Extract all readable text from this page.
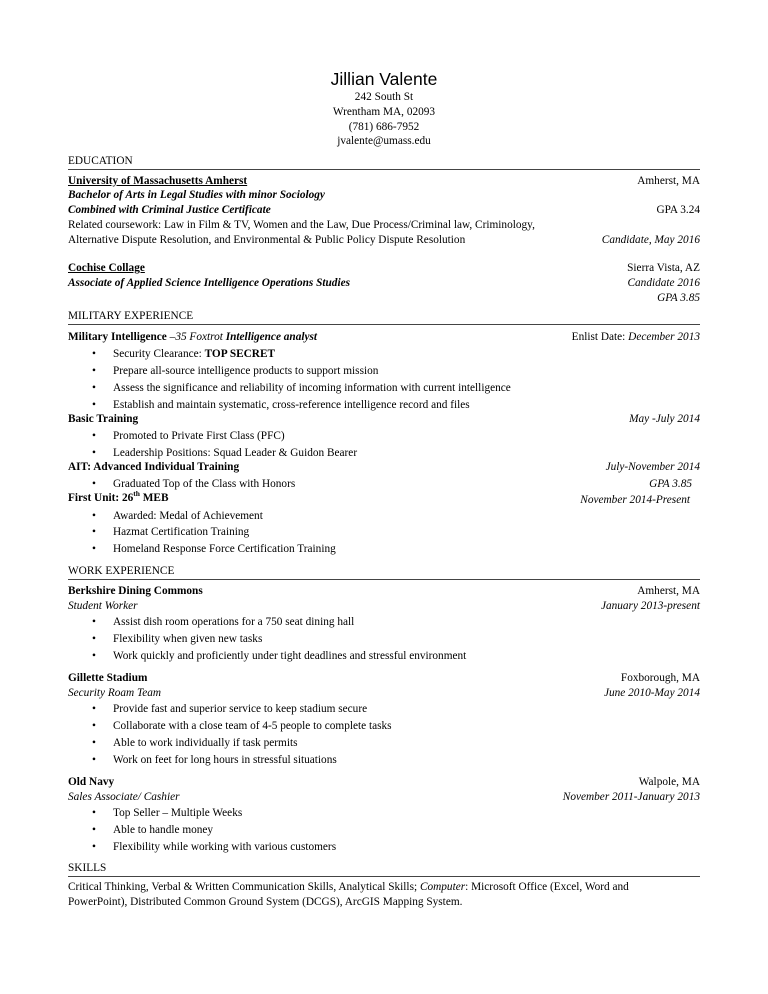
Jillian Valente
242 South St
Wrentham MA, 02093
(781) 686-7952
jvalente@umass.edu
EDUCATION
University of Massachusetts Amherst	Amherst, MA
Bachelor of Arts in Legal Studies with minor Sociology
Combined with Criminal Justice Certificate	GPA 3.24
Related coursework: Law in Film & TV, Women and the Law, Due Process/Criminal law, Criminology,
Alternative Dispute Resolution, and Environmental & Public Policy Dispute Resolution	Candidate, May 2016
Cochise Collage	Sierra Vista, AZ
Associate of Applied Science Intelligence Operations Studies	Candidate 2016
GPA 3.85
MILITARY EXPERIENCE
Military Intelligence –35 Foxtrot Intelligence analyst	Enlist Date: December 2013
• Security Clearance: TOP SECRET
• Prepare all-source intelligence products to support mission
• Assess the significance and reliability of incoming information with current intelligence
• Establish and maintain systematic, cross-reference intelligence record and files
Basic Training	May -July 2014
• Promoted to Private First Class (PFC)
• Leadership Positions: Squad Leader & Guidon Bearer
AIT: Advanced Individual Training	July-November 2014
• Graduated Top of the Class with Honors	GPA 3.85
First Unit: 26th MEB	November 2014-Present
• Awarded: Medal of Achievement
• Hazmat Certification Training
• Homeland Response Force Certification Training
WORK EXPERIENCE
Berkshire Dining Commons	Amherst, MA
Student Worker	January 2013-present
• Assist dish room operations for a 750 seat dining hall
• Flexibility when given new tasks
• Work quickly and proficiently under tight deadlines and stressful environment
Gillette Stadium	Foxborough, MA
Security Roam Team	June 2010-May 2014
• Provide fast and superior service to keep stadium secure
• Collaborate with a close team of 4-5 people to complete tasks
• Able to work individually if task permits
• Work on feet for long hours in stressful situations
Old Navy	Walpole, MA
Sales Associate/ Cashier	November 2011-January 2013
• Top Seller – Multiple Weeks
• Able to handle money
• Flexibility while working with various customers
SKILLS
Critical Thinking, Verbal & Written Communication Skills, Analytical Skills; Computer: Microsoft Office (Excel, Word and
PowerPoint), Distributed Common Ground System (DCGS), ArcGIS Mapping System.
